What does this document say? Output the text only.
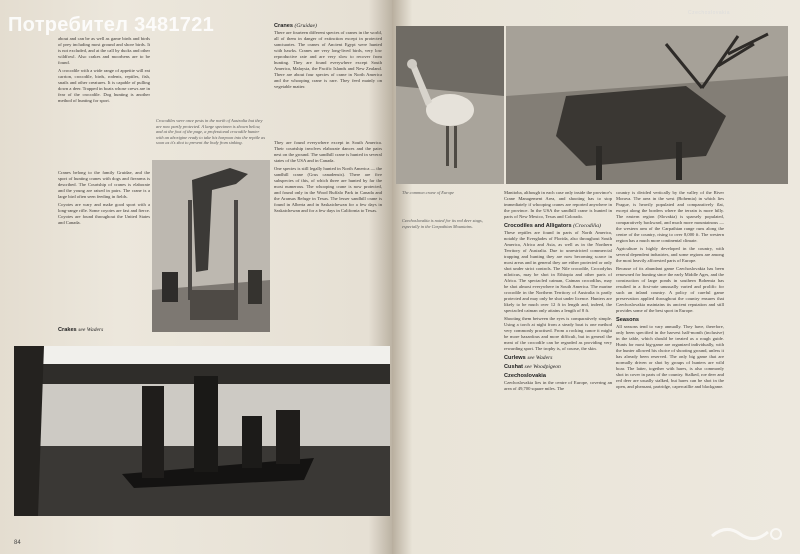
about and can be as well as game birds and birds of prey including most ground and shore birds. It is not excluded, and at the call by ducks and other wildfowl. Also crakes and moorhens are to be found.

A crocodile with a wide range of appetite will eat carrion, crocodile, birds, rodents, reptiles, fish, snails and other creatures. It is capable of pulling down a deer. Trapped in boats whose crews are in fear of the crocodile. Dog hunting is another method of hunting for sport.

Cranes belong to the family Gruidae, and the sport of hunting cranes with dogs and firearms is described. The Courtship of cranes is elaborate and the young are raised in pairs. The crane is a large bird often seen feeding in fields.

Coyotes are wary and make good sport with a long-range rifle. Some coyotes are fast and fierce. Coyotes are found throughout the United States and Canada.

Crakes see Waders
Crocodiles were once pests in the north of Australia but they are now partly protected. A large specimen is shown below, and at the foot of the page, a professional crocodile hunter with an aborigine ready to take his harpoon into the reptile as soon as it's shot to prevent the body from sinking.
Cranes (Gruidae)

There are fourteen different species of cranes in the world, all of them in danger of extinction except in protected sanctuaries. The cranes of Ancient Egypt were hunted with hawks. Cranes are very long-lived birds, very low reproductive rate and are very slow to recover from hunting. They are found everywhere except South America, Malaysia, the Pacific Islands and New Zealand. There are about four species of crane in North America and the whooping crane is rare. They feed mainly on vegetable matter.

They are found everywhere except in South America. Their courtship involves elaborate dances and the pairs nest on the ground. The sandhill crane is hunted in several states of the USA and in Canada.

One species is still legally hunted in North America — the sandhill crane (Grus canadensis). There are five subspecies of this, of which three are hunted by far the most numerous. The whooping crane is now protected, and found only in the Wood Buffalo Park in Canada and the Aransas Refuge in Texas. The lesser sandhill crane is found in Alberta and in Saskatchewan for a few days in Saskatchewan and for a few days in California to Texas.

84
Czechoslovakia
The common crane of Europe
Czechoslovakia is noted for its red deer stags, especially in the Carpathian Mountains.

Manitoba, although in each case only inside the province's Crane Management Area, and shooting has to stop immediately if whooping cranes are reported anywhere in the province. In the USA the sandhill crane is hunted in parts of New Mexico, Texas and Colorado.

Crocodiles and Alligators (Crocodilia)

These reptiles are found in parts of North America, notably the Everglades of Florida, also throughout South America, Africa and Asia, as well as in the Northern Territory of Australia. Due to unrestricted commercial trapping and hunting they are now becoming scarce in most areas and in general they are either protected or only shot under strict controls. The Nile crocodile, Crocodylus niloticus, may be shot in Ethiopia and other parts of Africa. The spectacled caiman, Caiman crocodilus, may be shot almost everywhere in South America. The marine crocodile in the Northern Territory of Australia is partly protected and may only be shot under licence. Hunters are likely to be much over 12 ft in length and, indeed, the spectacled caiman only attains a length of 8 ft.

Shooting them between the eyes is comparatively simple. Using a torch at night from a steady boat is one method very commonly practised. From a rocking canoe it might be more hazardous and more difficult, but in general the meat of the crocodile can be regarded as providing very rewarding sport. The trophy is, of course, the skin.

Curlews see Waders
Cushat see Woodpigeon
Czechoslovakia

Czechoslovakia lies in the centre of Europe, covering an area of 49,700 square miles. The

country is divided vertically by the valley of the River Morava. The area in the west (Bohemia) in which lies Prague, is heavily populated and comparatively flat, except along the borders where the terrain is more hilly. The eastern region (Slovakia) is sparsely populated, comparatively backward, and much more mountainous — the western arm of the Carpathian range runs along the centre of the country, rising to over 8,000 ft. The western region has a much more continental climate.

Agriculture is highly developed in the country, with several dependent industries, and some regions are among the most heavily afforested parts of Europe.

Because of its abundant game Czechoslovakia has been renowned for hunting since the early Middle Ages, and the construction of large ponds in southern Bohemia has resulted in a first-rate unusually varied and prolific for such an inland country. A policy of careful game preservation applied throughout the country ensures that Czechoslovakia maintains its ancient reputation and still provides some of the best sport in Europe.

Seasons

All seasons tend to vary annually. They have, therefore, only been specified in the harvest half-month (inclusive) in the table, which should be treated as a rough guide. Hunts for most big-game are organized individually, with the hunter allowed his choice of shooting ground, unless it has already been reserved. The only big game that are normally driven or shot by groups of hunters are wild boar. The latter, together with hares, is also commonly shot in cover in parts of the country. Stalked, roe deer and red deer are usually stalked, but hares can be shot in the open, and pheasant, partridge, capercaillie and blackgame.

Потребител 3481721
